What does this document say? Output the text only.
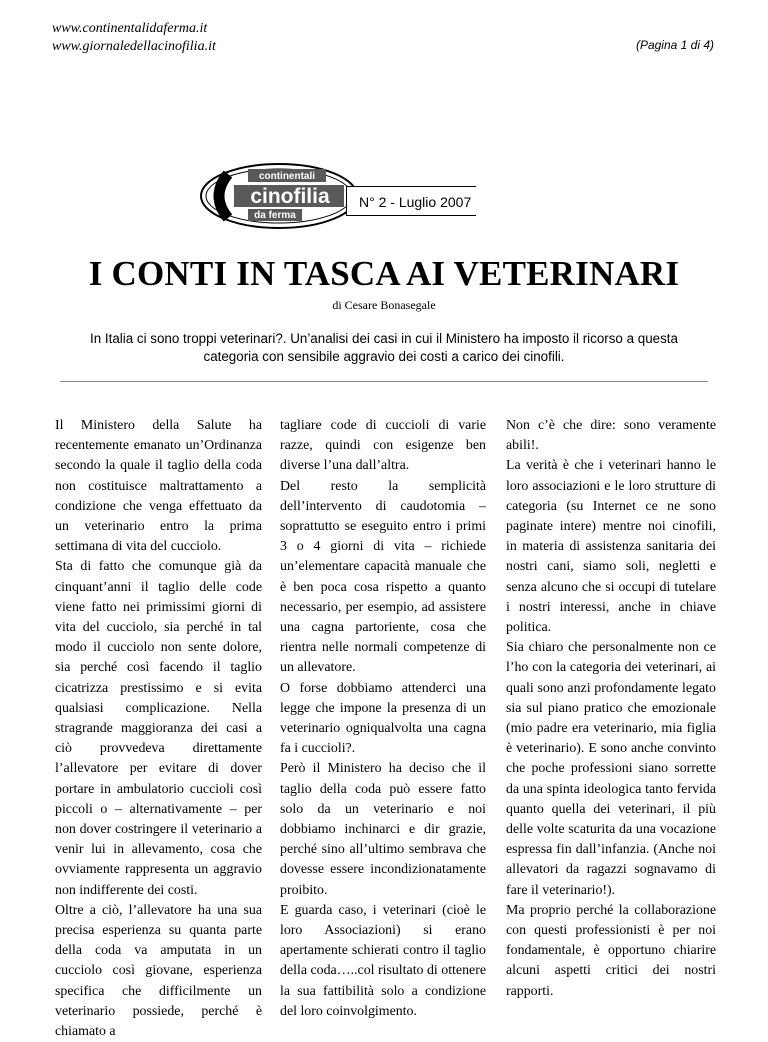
www.continentalidaferma.it
www.giornaledellacinofilia.it	(Pagina 1 di 4)
continentali
cinofilia
da ferma
N° 2 - Luglio 2007
I CONTI IN TASCA AI VETERINARI
di Cesare Bonasegale
In Italia ci sono troppi veterinari?. Un’analisi dei casi in cui il Ministero ha imposto il ricorso a questa
categoria con sensibile aggravio dei costi a carico dei cinofili.

Il Ministero della Salute ha recentemente emanato un’Ordinanza secondo la quale il taglio della coda non costituisce maltrattamento a condizione che venga effettuato da un veterinario entro la prima settimana di vita del cucciolo.

Sta di fatto che comunque già da cinquant’anni il taglio delle code viene fatto nei primissimi giorni di vita del cucciolo, sia perché in tal modo il cucciolo non sente dolore, sia perché così facendo il taglio cicatrizza prestissimo e si evita qualsiasi complicazione. Nella stragrande maggioranza dei casi a ciò provvedeva direttamente l’allevatore per evitare di dover portare in ambulatorio cuccioli così piccoli o – alternativamente – per non dover costringere il veterinario a venir lui in allevamento, cosa che ovviamente rappresenta un aggravio non indifferente dei costi.

Oltre a ciò, l’allevatore ha una sua precisa esperienza su quanta parte della coda va amputata in un cucciolo così giovane, esperienza specifica che difficilmente un veterinario possiede, perché è chiamato a

tagliare code di cuccioli di varie razze, quindi con esigenze ben diverse l’una dall’altra.

Del resto la semplicità dell’intervento di caudotomia – soprattutto se eseguito entro i primi 3 o 4 giorni di vita – richiede un’elementare capacità manuale che è ben poca cosa rispetto a quanto necessario, per esempio, ad assistere una cagna partoriente, cosa che rientra nelle normali competenze di un allevatore.

O forse dobbiamo attenderci una legge che impone la presenza di un veterinario ogniqualvolta una cagna fa i cuccioli?.

Però il Ministero ha deciso che il taglio della coda può essere fatto solo da un veterinario e noi dobbiamo inchinarci e dir grazie, perché sino all’ultimo sembrava che dovesse essere incondizionatamente proibito.

E guarda caso, i veterinari (cioè le loro Associazioni) si erano apertamente schierati contro il taglio della coda…..col risultato di ottenere la sua fattibilità solo a condizione del loro coinvolgimento.

Non c’è che dire: sono veramente abili!.

La verità è che i veterinari hanno le loro associazioni e le loro strutture di categoria (su Internet ce ne sono paginate intere) mentre noi cinofili, in materia di assistenza sanitaria dei nostri cani, siamo soli, negletti e senza alcuno che si occupi di tutelare i nostri interessi, anche in chiave politica.

Sia chiaro che personalmente non ce l’ho con la categoria dei veterinari, ai quali sono anzi profondamente legato sia sul piano pratico che emozionale (mio padre era veterinario, mia figlia è veterinario). E sono anche convinto che poche professioni siano sorrette da una spinta ideologica tanto fervida quanto quella dei veterinari, il più delle volte scaturita da una vocazione espressa fin dall’infanzia. (Anche noi allevatori da ragazzi sognavamo di fare il veterinario!).

Ma proprio perché la collaborazione con questi professionisti è per noi fondamentale, è opportuno chiarire alcuni aspetti critici dei nostri rapporti.
